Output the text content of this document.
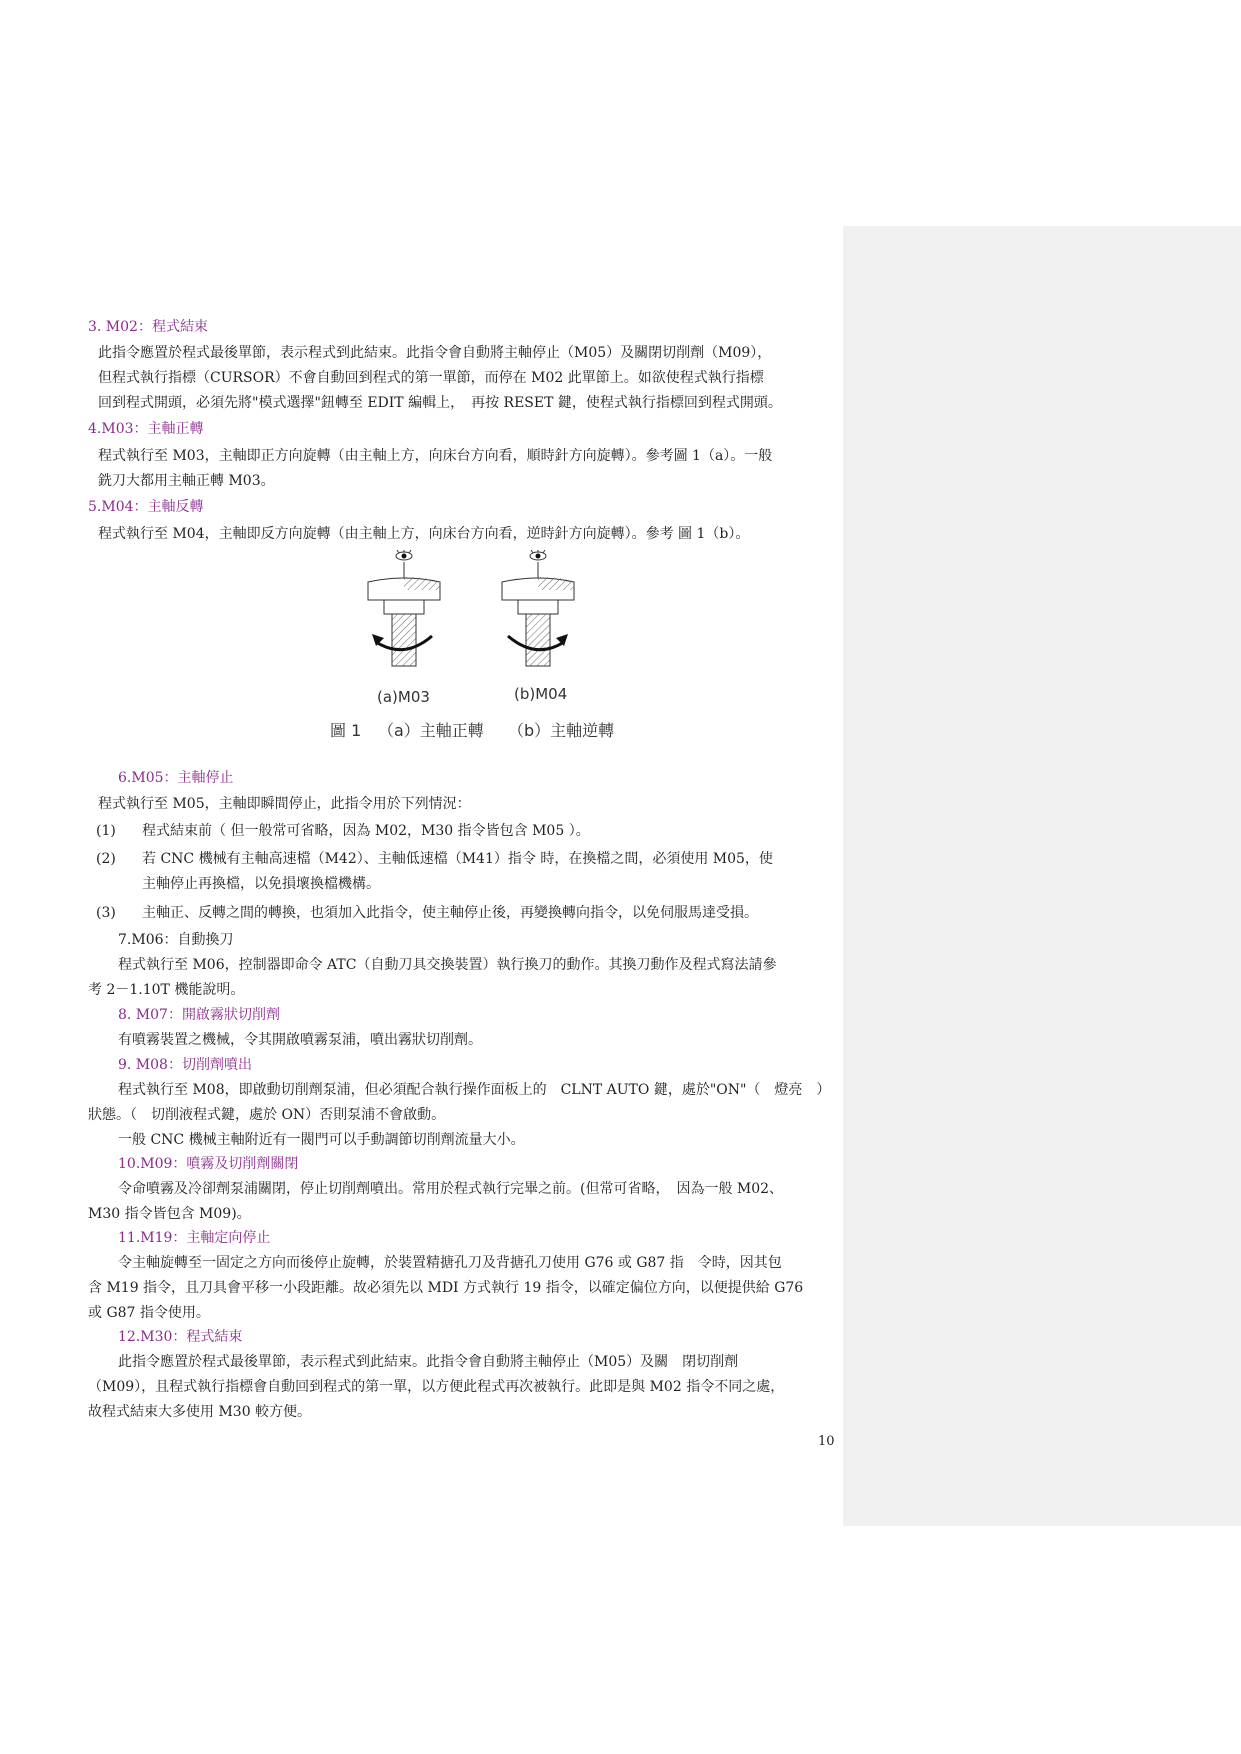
3. M02：程式結束
此指令應置於程式最後單節，表示程式到此結束。此指令會自動將主軸停止（M05）及關閉切削劑（M09），
但程式執行指標（CURSOR）不會自動回到程式的第一單節，而停在 M02 此單節上。如欲使程式執行指標
回到程式開頭，必須先將"模式選擇"鈕轉至 EDIT 編輯上，　再按 RESET 鍵，使程式執行指標回到程式開頭。
4.M03：主軸正轉
程式執行至 M03，主軸即正方向旋轉（由主軸上方，向床台方向看，順時針方向旋轉）。參考圖 1（a）。一般
銑刀大都用主軸正轉 M03。
5.M04：主軸反轉
程式執行至 M04，主軸即反方向旋轉（由主軸上方，向床台方向看，逆時針方向旋轉）。參考 圖 1（b）。
(a)M03	(b)M04
圖 1 （a）主軸正轉 （b）主軸逆轉
6.M05：主軸停止
程式執行至 M05，主軸即瞬間停止，此指令用於下列情況：
(1) 程式結束前（ 但一般常可省略，因為 M02，M30 指令皆包含 M05 ）。
(2) 若 CNC 機械有主軸高速檔（M42）、主軸低速檔（M41）指令 時，在換檔之間，必須使用 M05，使
主軸停止再換檔，以免損壞換檔機構。
(3) 主軸正、反轉之間的轉換，也須加入此指令，使主軸停止後，再變換轉向指令，以免伺服馬達受損。
7.M06：自動換刀
程式執行至 M06，控制器即命令 ATC（自動刀具交換裝置）執行換刀的動作。其換刀動作及程式寫法請參
考 2－1.10T 機能說明。
8. M07：開啟霧狀切削劑
有噴霧裝置之機械，令其開啟噴霧泵浦，噴出霧狀切削劑。
9. M08：切削劑噴出
程式執行至 M08，即啟動切削劑泵浦，但必須配合執行操作面板上的　CLNT AUTO 鍵，處於"ON"（　燈亮　）
狀態。（　切削液程式鍵，處於 ON）否則泵浦不會啟動。
一般 CNC 機械主軸附近有一閥門可以手動調節切削劑流量大小。
10.M09：噴霧及切削劑關閉
令命噴霧及冷卻劑泵浦關閉，停止切削劑噴出。常用於程式執行完畢之前。(但常可省略，　因為一般 M02、
M30 指令皆包含 M09)。
11.M19：主軸定向停止
令主軸旋轉至一固定之方向而後停止旋轉，於裝置精搪孔刀及背搪孔刀使用 G76 或 G87 指　令時，因其包
含 M19 指令，且刀具會平移一小段距離。故必須先以 MDI 方式執行 19 指令，以確定偏位方向，以便提供給 G76
或 G87 指令使用。
12.M30：程式結束
此指令應置於程式最後單節，表示程式到此結束。此指令會自動將主軸停止（M05）及關　閉切削劑
（M09），且程式執行指標會自動回到程式的第一單，以方便此程式再次被執行。此即是與 M02 指令不同之處，
故程式結束大多使用 M30 較方便。
10
